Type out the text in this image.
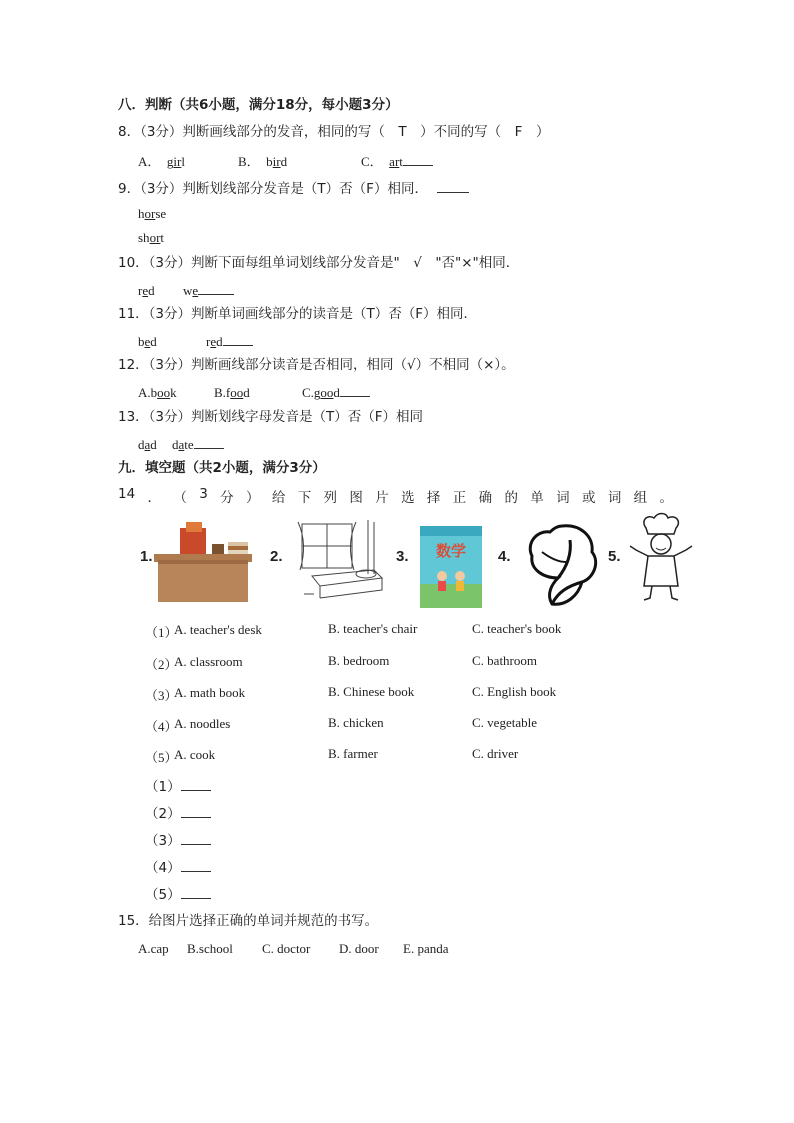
八．判断（共6小题，满分18分，每小题3分）
8．（3分）判断画线部分的发音，相同的写（　T　）不同的写（　F　）
A． girl	B． bird	C． art
9．（3分）判断划线部分发音是（T）否（F）相同．
horse
short
10．（3分）判断下面每组单词划线部分发音是"　√　"否"×"相同．
red we
11．（3分）判断单词画线部分的读音是（T）否（F）相同．
bed	red
12．（3分）判断画线部分读音是否相同，相同（√）不相同（×）。
A.book	B.food	C.good
13．（3分）判断划线字母发音是（T）否（F）相同
dad date
九．填空题（共2小题，满分3分）
14 ． （ 3 分 ） 给 下 列 图 片 选 择 正 确 的 单 词 或 词 组 。
1.	2.	3. 数学 4.	5.
（1）
A. teacher's desk	B. teacher's chair	C. teacher's book
（2）
A. classroom	B. bedroom	C. bathroom
（3）
A. math book	B. Chinese book	C. English book
（4）
A. noodles	B. chicken	C. vegetable
（5）
A. cook	B. farmer	C. driver
（1）
（2）
（3）
（4）
（5）
15．给图片选择正确的单词并规范的书写。
A.cap B.school C. doctor D. door E. panda
